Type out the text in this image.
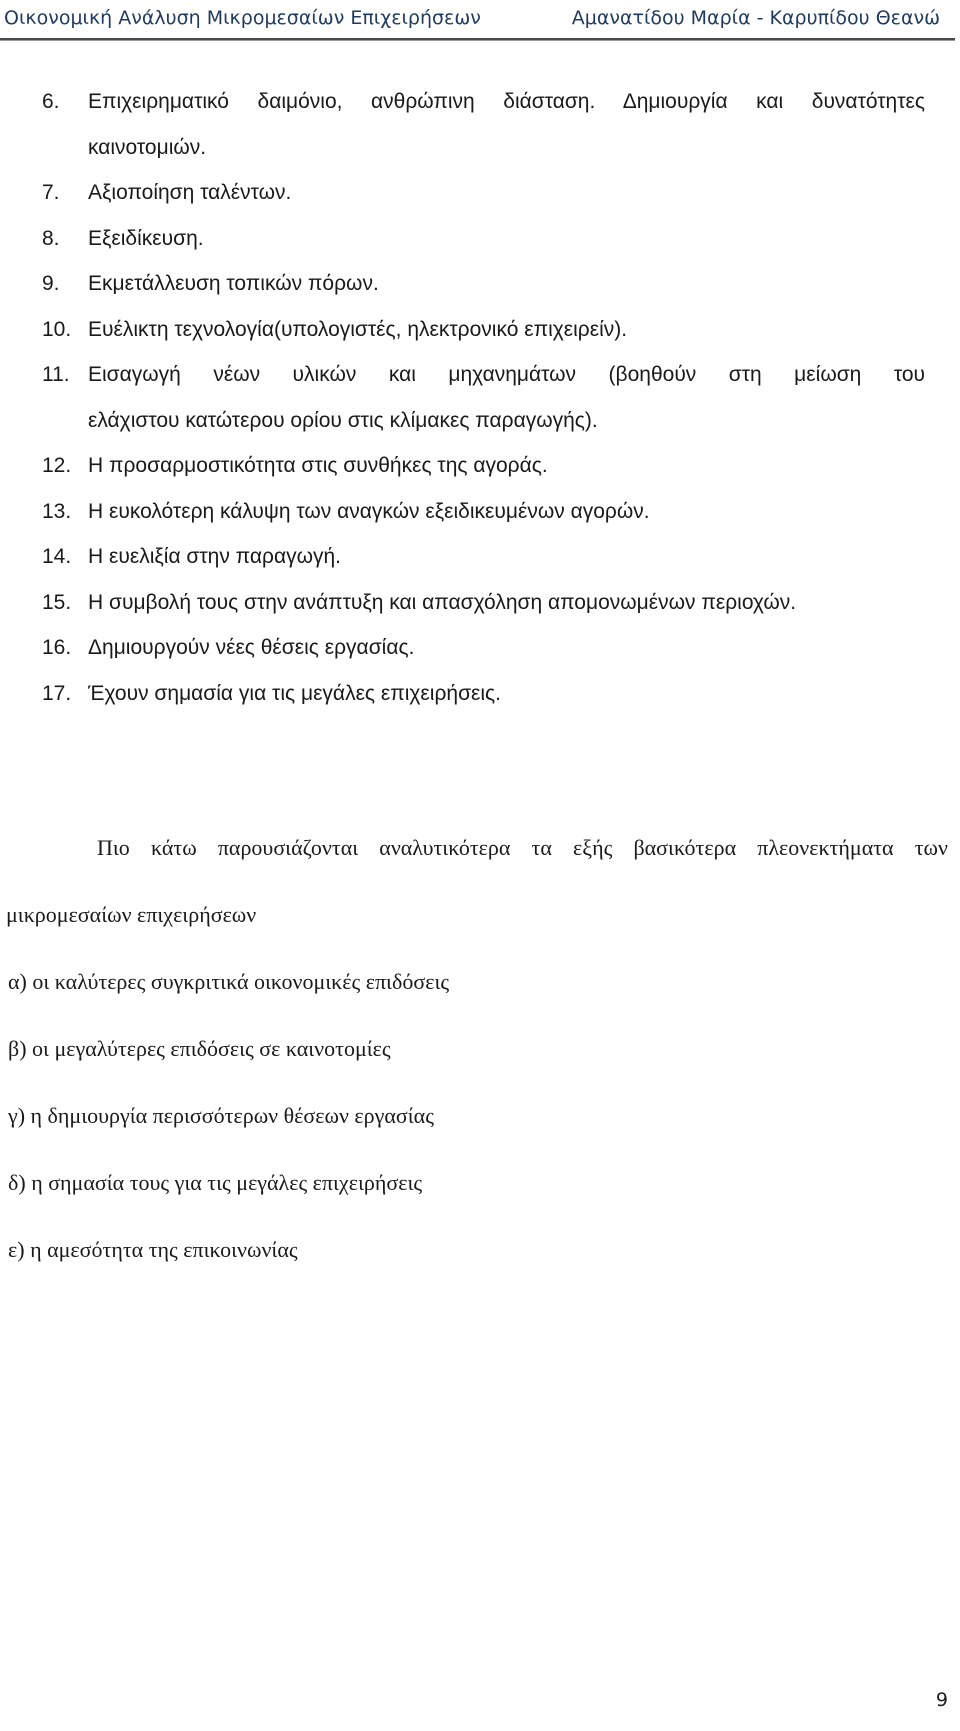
Οικονομική Ανάλυση Μικρομεσαίων Επιχειρήσεων	Αμανατίδου Μαρία - Καρυπίδου Θεανώ
6. Επιχειρηματικό δαιμόνιο, ανθρώπινη διάσταση. Δημιουργία και δυνατότητες
καινοτομιών.
7. Αξιοποίηση ταλέντων.
8. Εξειδίκευση.
9. Εκμετάλλευση τοπικών πόρων.
10. Ευέλικτη τεχνολογία(υπολογιστές, ηλεκτρονικό επιχειρείν).
11. Εισαγωγή νέων υλικών και μηχανημάτων (βοηθούν στη μείωση του
ελάχιστου κατώτερου ορίου στις κλίμακες παραγωγής).
12. Η προσαρμοστικότητα στις συνθήκες της αγοράς.
13. Η ευκολότερη κάλυψη των αναγκών εξειδικευμένων αγορών.
14. Η ευελιξία στην παραγωγή.
15. Η συμβολή τους στην ανάπτυξη και απασχόληση απομονωμένων περιοχών.
16. Δημιουργούν νέες θέσεις εργασίας.
17. Έχουν σημασία για τις μεγάλες επιχειρήσεις.

Πιο κάτω παρουσιάζονται αναλυτικότερα τα εξής βασικότερα πλεονεκτήματα των μικρομεσαίων επιχειρήσεων

α) οι καλύτερες συγκριτικά οικονομικές επιδόσεις
β) οι μεγαλύτερες επιδόσεις σε καινοτομίες
γ) η δημιουργία περισσότερων θέσεων εργασίας
δ) η σημασία τους για τις μεγάλες επιχειρήσεις
ε) η αμεσότητα της επικοινωνίας
9
